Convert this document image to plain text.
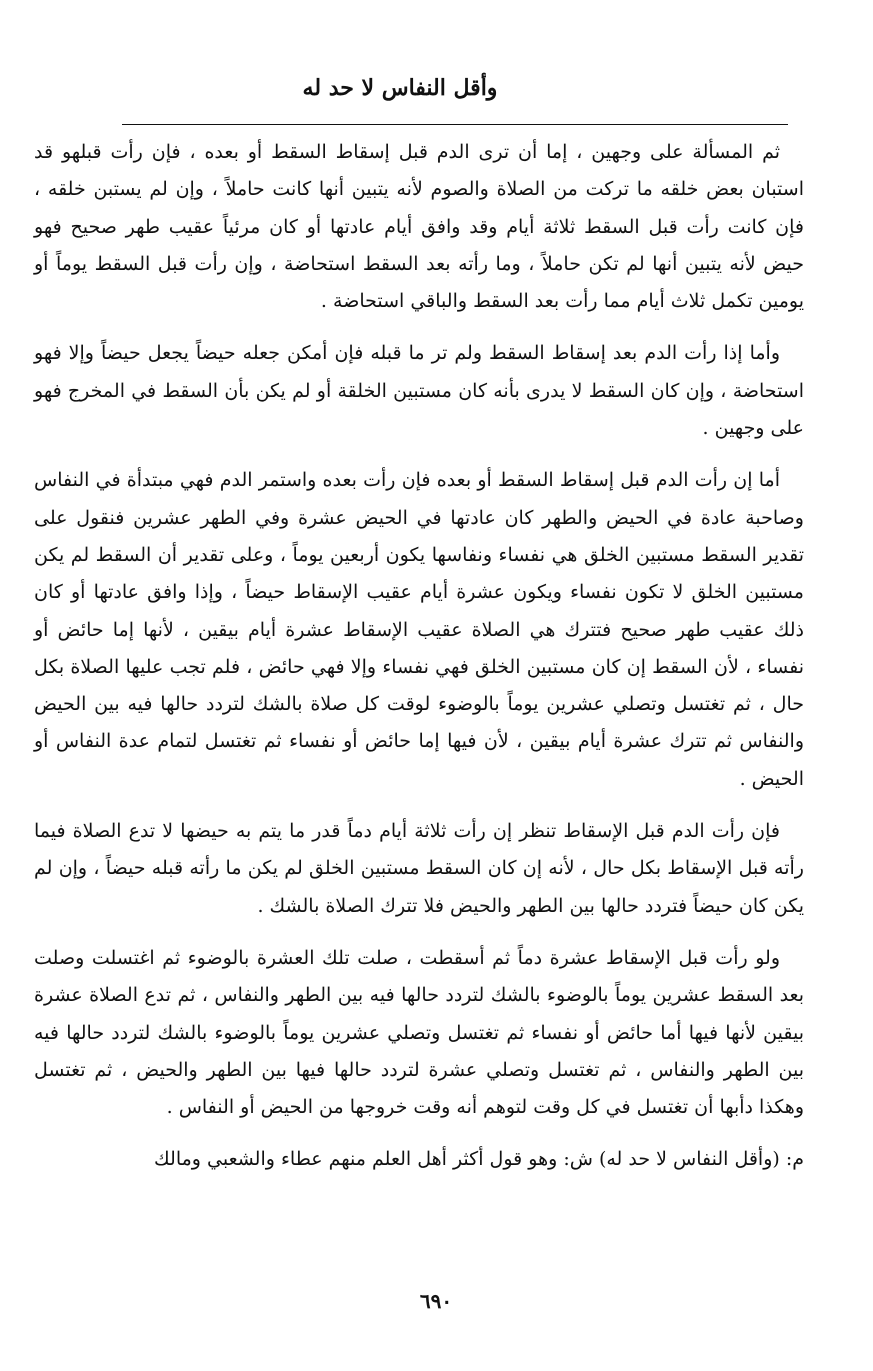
وأقل النفاس لا حد له

ثم المسألة على وجهين ، إما أن ترى الدم قبل إسقاط السقط أو بعده ، فإن رأت قبلهو قد استبان بعض خلقه ما تركت من الصلاة والصوم لأنه يتبين أنها كانت حاملاً ، وإن لم يستبن خلقه ، فإن كانت رأت قبل السقط ثلاثة أيام وقد وافق أيام عادتها أو كان مرئياً عقيب طهر صحيح فهو حيض لأنه يتبين أنها لم تكن حاملاً ، وما رأته بعد السقط استحاضة ، وإن رأت قبل السقط يوماً أو يومين تكمل ثلاث أيام مما رأت بعد السقط والباقي استحاضة .

وأما إذا رأت الدم بعد إسقاط السقط ولم تر ما قبله فإن أمكن جعله حيضاً يجعل حيضاً وإلا فهو استحاضة ، وإن كان السقط لا يدرى بأنه كان مستبين الخلقة أو لم يكن بأن السقط في المخرج فهو على وجهين .

أما إن رأت الدم قبل إسقاط السقط أو بعده فإن رأت بعده واستمر الدم فهي مبتدأة في النفاس وصاحبة عادة في الحيض والطهر كان عادتها في الحيض عشرة وفي الطهر عشرين فنقول على تقدير السقط مستبين الخلق هي نفساء ونفاسها يكون أربعين يوماً ، وعلى تقدير أن السقط لم يكن مستبين الخلق لا تكون نفساء ويكون عشرة أيام عقيب الإسقاط حيضاً ، وإذا وافق عادتها أو كان ذلك عقيب طهر صحيح فتترك هي الصلاة عقيب الإسقاط عشرة أيام بيقين ، لأنها إما حائض أو نفساء ، لأن السقط إن كان مستبين الخلق فهي نفساء وإلا فهي حائض ، فلم تجب عليها الصلاة بكل حال ، ثم تغتسل وتصلي عشرين يوماً بالوضوء لوقت كل صلاة بالشك لتردد حالها فيه بين الحيض والنفاس ثم تترك عشرة أيام بيقين ، لأن فيها إما حائض أو نفساء ثم تغتسل لتمام عدة النفاس أو الحيض .

فإن رأت الدم قبل الإسقاط تنظر إن رأت ثلاثة أيام دماً قدر ما يتم به حيضها لا تدع الصلاة فيما رأته قبل الإسقاط بكل حال ، لأنه إن كان السقط مستبين الخلق لم يكن ما رأته قبله حيضاً ، وإن لم يكن كان حيضاً فتردد حالها بين الطهر والحيض فلا تترك الصلاة بالشك .

ولو رأت قبل الإسقاط عشرة دماً ثم أسقطت ، صلت تلك العشرة بالوضوء ثم اغتسلت وصلت بعد السقط عشرين يوماً بالوضوء بالشك لتردد حالها فيه بين الطهر والنفاس ، ثم تدع الصلاة عشرة بيقين لأنها فيها أما حائض أو نفساء ثم تغتسل وتصلي عشرين يوماً بالوضوء بالشك لتردد حالها فيه بين الطهر والنفاس ، ثم تغتسل وتصلي عشرة لتردد حالها فيها بين الطهر والحيض ، ثم تغتسل وهكذا دأبها أن تغتسل في كل وقت لتوهم أنه وقت خروجها من الحيض أو النفاس .

م: (وأقل النفاس لا حد له) ش: وهو قول أكثر أهل العلم منهم عطاء والشعبي ومالك

٦٩٠
